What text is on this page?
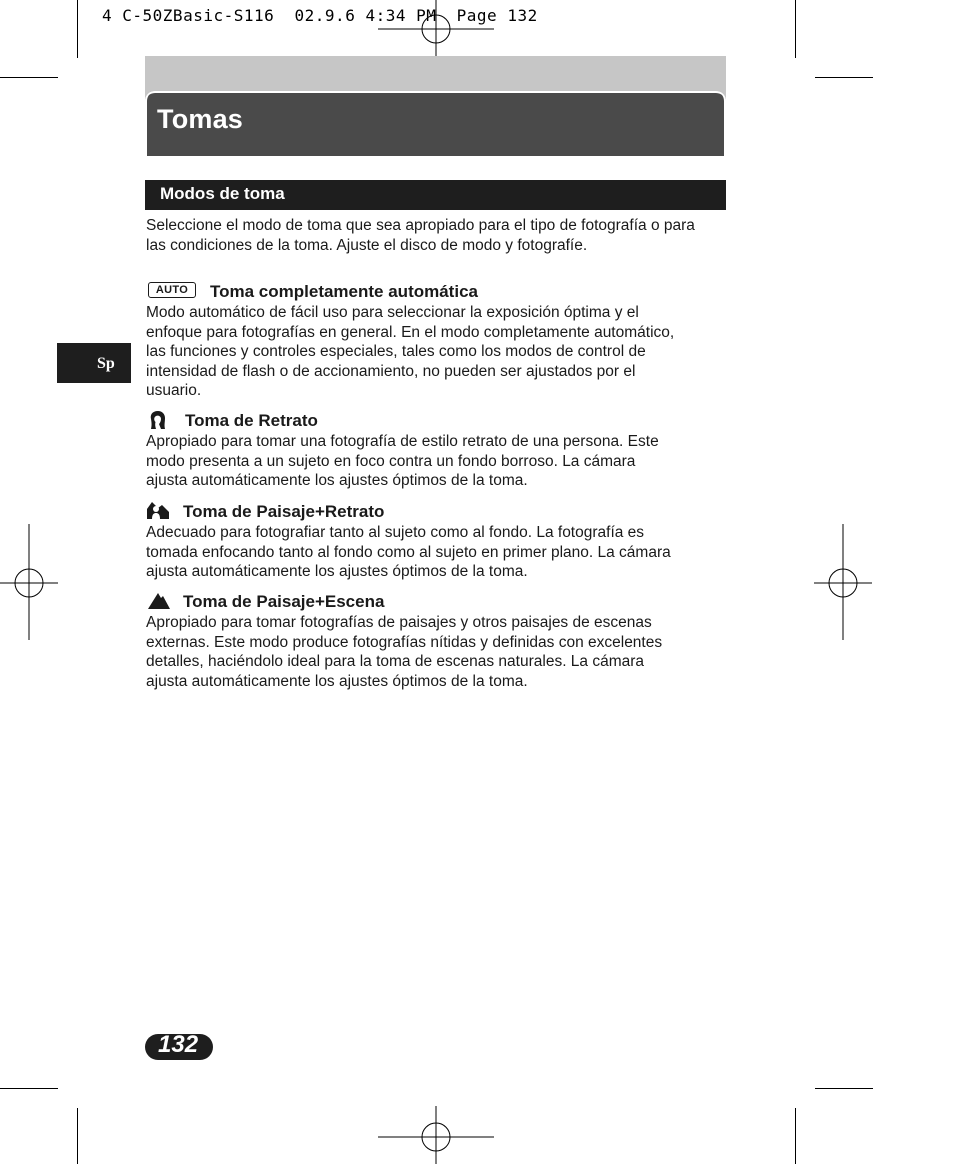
4 C-50ZBasic-S116  02.9.6 4:34 PM  Page 132
Tomas
Modos de toma
Seleccione el modo de toma que sea apropiado para el tipo de fotografía o para las condiciones de la toma. Ajuste el disco de modo y fotografíe.
Sp
AUTO	Toma completamente automática
Modo automático de fácil uso para seleccionar la exposición óptima y el
enfoque para fotografías en general. En el modo completamente automático,
las funciones y controles especiales, tales como los modos de control de
intensidad de flash o de accionamiento, no pueden ser ajustados por el
usuario.
Toma de Retrato
Apropiado para tomar una fotografía de estilo retrato de una persona. Este
modo presenta a un sujeto en foco contra un fondo borroso. La cámara
ajusta automáticamente los ajustes óptimos de la toma.
Toma de Paisaje+Retrato
Adecuado para fotografiar tanto al sujeto como al fondo. La fotografía es
tomada enfocando tanto al fondo como al sujeto en primer plano. La cámara
ajusta automáticamente los ajustes óptimos de la toma.
Toma de Paisaje+Escena
Apropiado para tomar fotografías de paisajes y otros paisajes de escenas
externas. Este modo produce fotografías nítidas y definidas con excelentes
detalles, haciéndolo ideal para la toma de escenas naturales. La cámara
ajusta automáticamente los ajustes óptimos de la toma.
132
